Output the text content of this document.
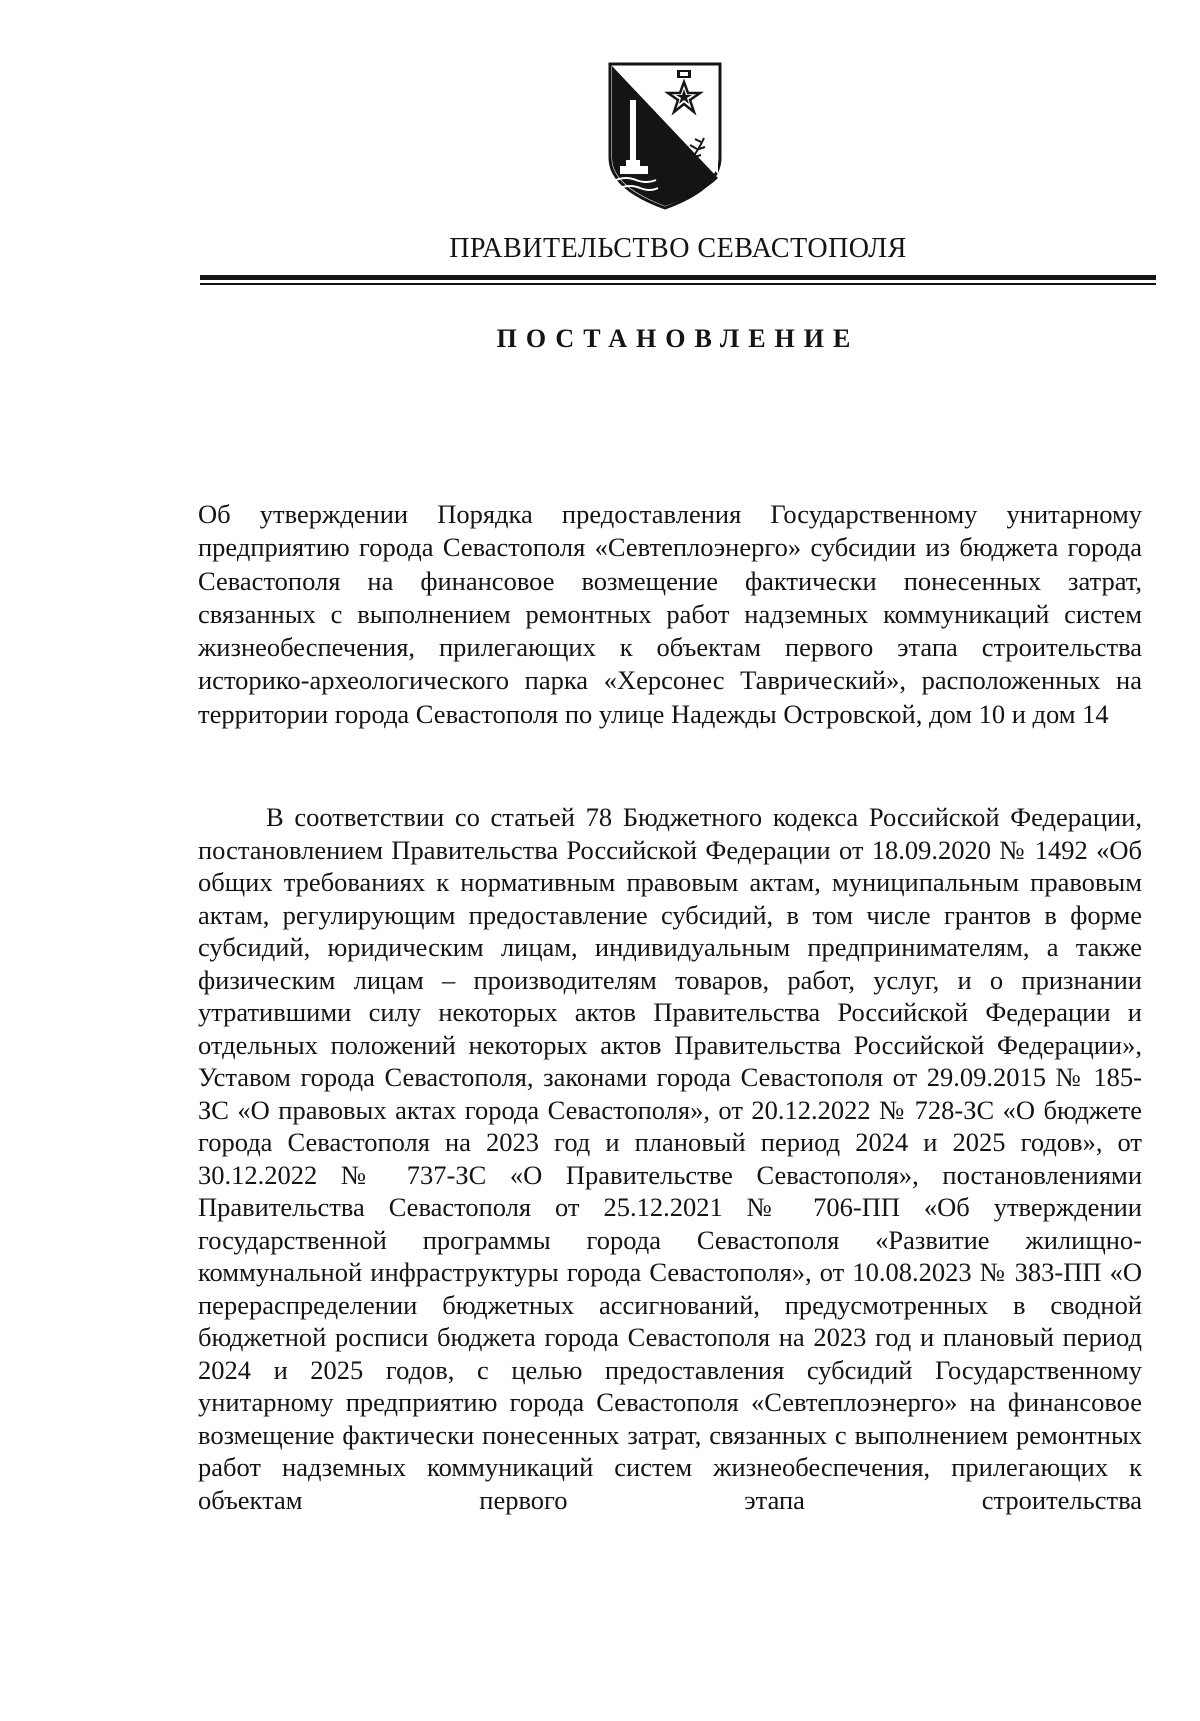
ПРАВИТЕЛЬСТВО СЕВАСТОПОЛЯ
ПОСТАНОВЛЕНИЕ
Об утверждении Порядка предоставления Государственному унитарному предприятию города Севастополя «Севтеплоэнерго» субсидии из бюджета города Севастополя на финансовое возмещение фактически понесенных затрат, связанных с выполнением ремонтных работ надземных коммуникаций систем жизнеобеспечения, прилегающих к объектам первого этапа строительства историко-археологического парка «Херсонес Таврический», расположенных на территории города Севастополя по улице Надежды Островской, дом 10 и дом 14
В соответствии со статьей 78 Бюджетного кодекса Российской Федерации, постановлением Правительства Российской Федерации от 18.09.2020 № 1492 «Об общих требованиях к нормативным правовым актам, муниципальным правовым актам, регулирующим предоставление субсидий, в том числе грантов в форме субсидий, юридическим лицам, индивидуальным предпринимателям, а также физическим лицам – производителям товаров, работ, услуг, и о признании утратившими силу некоторых актов Правительства Российской Федерации и отдельных положений некоторых актов Правительства Российской Федерации», Уставом города Севастополя, законами города Севастополя от 29.09.2015 № 185-ЗС «О правовых актах города Севастополя», от 20.12.2022 № 728-ЗС «О бюджете города Севастополя на 2023 год и плановый период 2024 и 2025 годов», от 30.12.2022 № 737-ЗС «О Правительстве Севастополя», постановлениями Правительства Севастополя от 25.12.2021 № 706-ПП «Об утверждении государственной программы города Севастополя «Развитие жилищно-коммунальной инфраструктуры города Севастополя», от 10.08.2023 № 383-ПП «О перераспределении бюджетных ассигнований, предусмотренных в сводной бюджетной росписи бюджета города Севастополя на 2023 год и плановый период 2024 и 2025 годов, с целью предоставления субсидий Государственному унитарному предприятию города Севастополя «Севтеплоэнерго» на финансовое возмещение фактически понесенных затрат, связанных с выполнением ремонтных работ надземных коммуникаций систем жизнеобеспечения, прилегающих к объектам первого этапа строительства
